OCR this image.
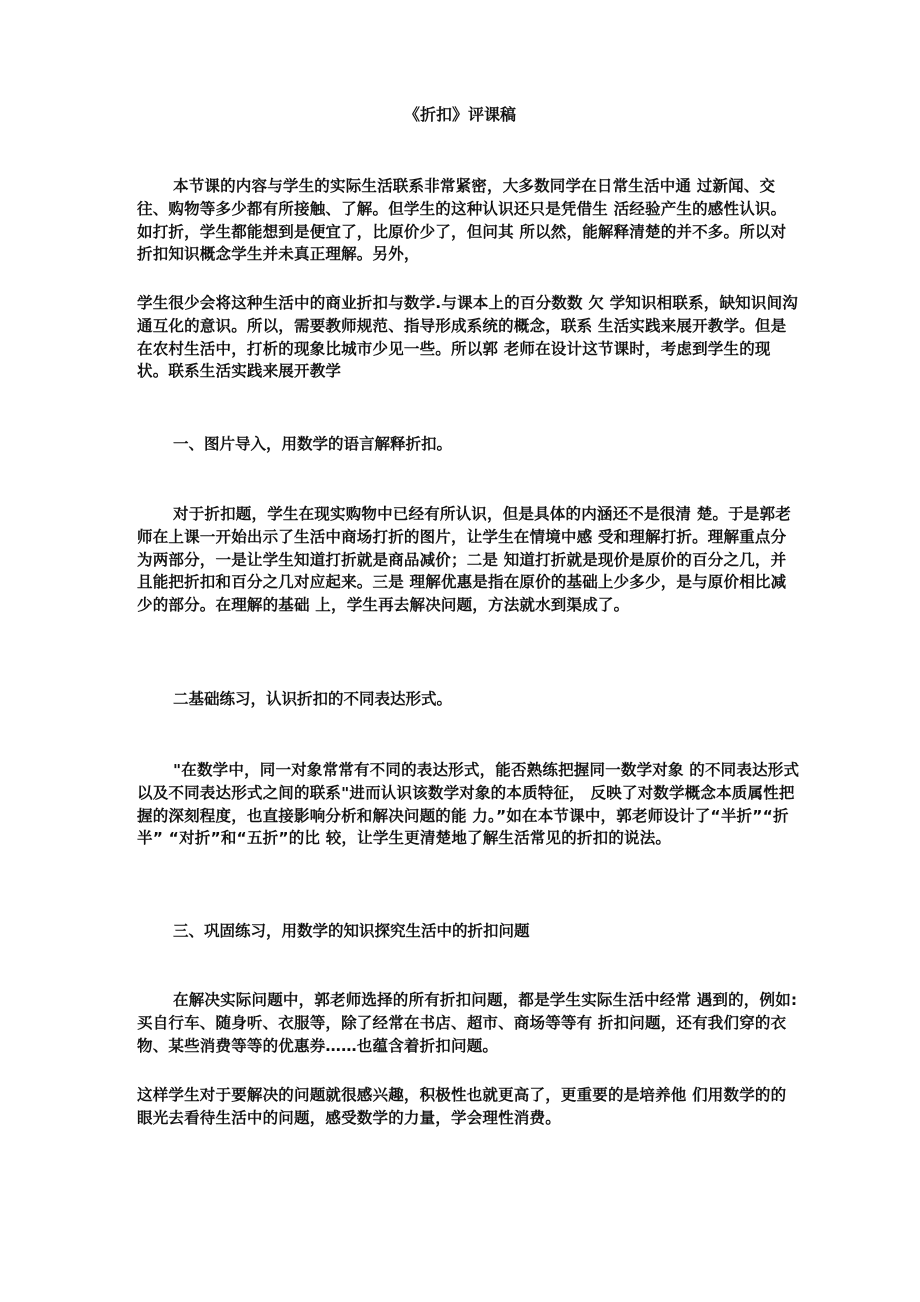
《折扣》评课稿

本节课的内容与学生的实际生活联系非常紧密，大多数同学在日常生活中通 过新闻、交往、购物等多少都有所接触、了解。但学生的这种认识还只是凭借生 活经验产生的感性认识。如打折，学生都能想到是便宜了，比原价少了，但问其 所以然，能解释清楚的并不多。所以对折扣知识概念学生并未真正理解。另外，

学生很少会将这种生活中的商业折扣与数学.与课本上的百分数数 欠 学知识相联系，缺知识间沟通互化的意识。所以，需要教师规范、指导形成系统的概念，联系 生活实践来展开教学。但是在农村生活中，打析的现象比城市少见一些。所以郭 老师在设计这节课时，考虑到学生的现状。联系生活实践来展开教学

一、图片导入，用数学的语言解释折扣。

对于折扣题，学生在现实购物中已经有所认识，但是具体的内涵还不是很清 楚。于是郭老师在上课一开始出示了生活中商场打折的图片，让学生在情境中感 受和理解打折。理解重点分为两部分，一是让学生知道打折就是商品减价；二是 知道打折就是现价是原价的百分之几，并且能把折扣和百分之几对应起来。三是 理解优惠是指在原价的基础上少多少，是与原价相比减少的部分。在理解的基础 上，学生再去解决问题，方法就水到渠成了。

二基础练习，认识折扣的不同表达形式。

"在数学中，同一对象常常有不同的表达形式，能否熟练把握同一数学对象 的不同表达形式以及不同表达形式之间的联系"进而认识该数学对象的本质特征， 反映了对数学概念本质属性把握的深刻程度，也直接影响分析和解决问题的能 力。”如在本节课中，郭老师设计了“半折”“折半” “对折”和“五折”的比 较，让学生更清楚地了解生活常见的折扣的说法。

三、巩固练习，用数学的知识探究生活中的折扣问题

在解决实际问题中，郭老师选择的所有折扣问题，都是学生实际生活中经常 遇到的，例如:买自行车、随身听、衣服等，除了经常在书店、超市、商场等等有 折扣问题，还有我们穿的衣物、某些消费等等的优惠券……也蕴含着折扣问题。

这样学生对于要解决的问题就很感兴趣，积极性也就更高了，更重要的是培养他 们用数学的的眼光去看待生活中的问题，感受数学的力量，学会理性消费。
